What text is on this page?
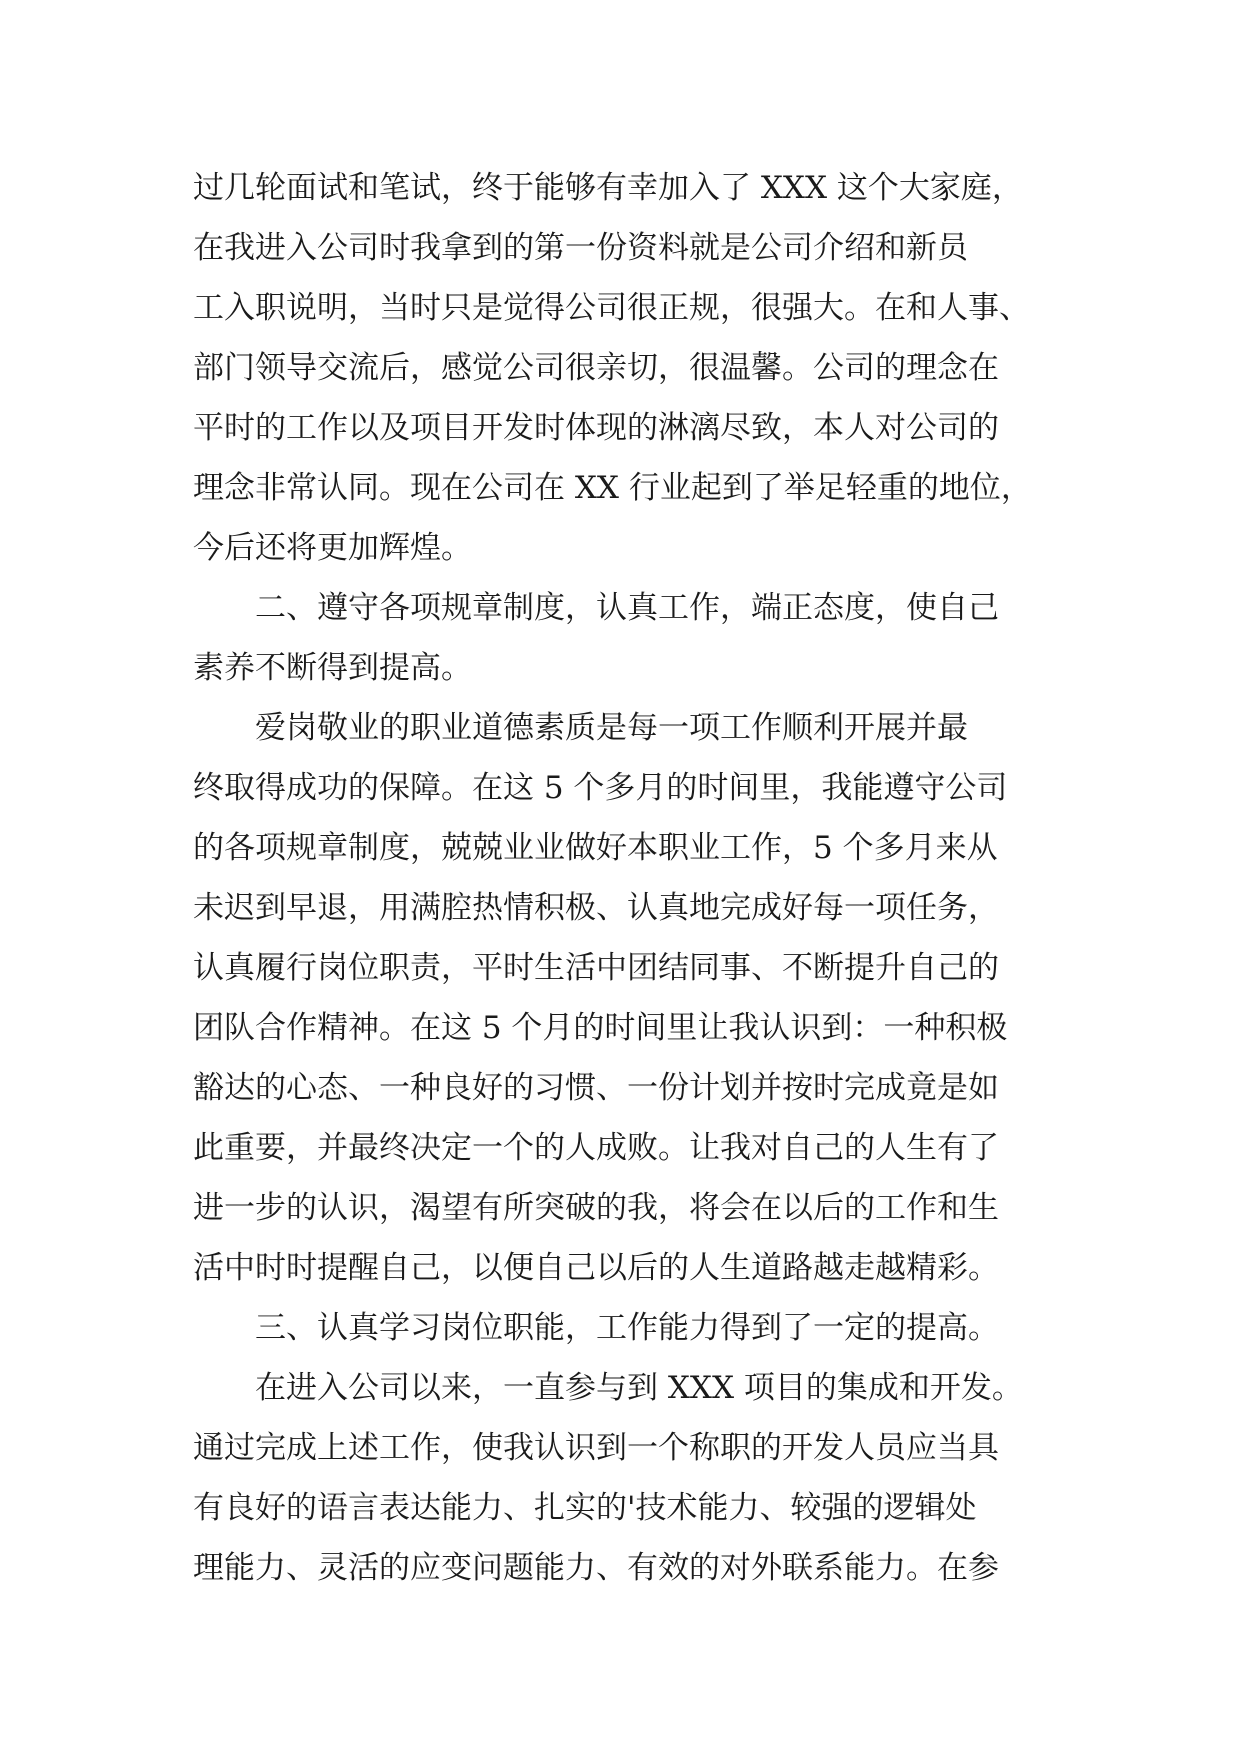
过几轮面试和笔试，终于能够有幸加入了 XXX 这个大家庭，
在我进入公司时我拿到的第一份资料就是公司介绍和新员
工入职说明，当时只是觉得公司很正规，很强大。在和人事、
部门领导交流后，感觉公司很亲切，很温馨。公司的理念在
平时的工作以及项目开发时体现的淋漓尽致，本人对公司的
理念非常认同。现在公司在 XX 行业起到了举足轻重的地位，
今后还将更加辉煌。
二、遵守各项规章制度，认真工作，端正态度，使自己
素养不断得到提高。
爱岗敬业的职业道德素质是每一项工作顺利开展并最
终取得成功的保障。在这 5 个多月的时间里，我能遵守公司
的各项规章制度，兢兢业业做好本职业工作，5 个多月来从
未迟到早退，用满腔热情积极、认真地完成好每一项任务，
认真履行岗位职责，平时生活中团结同事、不断提升自己的
团队合作精神。在这 5 个月的时间里让我认识到：一种积极
豁达的心态、一种良好的习惯、一份计划并按时完成竟是如
此重要，并最终决定一个的人成败。让我对自己的人生有了
进一步的认识，渴望有所突破的我，将会在以后的工作和生
活中时时提醒自己，以便自己以后的人生道路越走越精彩。
三、认真学习岗位职能，工作能力得到了一定的提高。
在进入公司以来，一直参与到 XXX 项目的集成和开发。
通过完成上述工作，使我认识到一个称职的开发人员应当具
有良好的语言表达能力、扎实的'技术能力、较强的逻辑处
理能力、灵活的应变问题能力、有效的对外联系能力。在参
